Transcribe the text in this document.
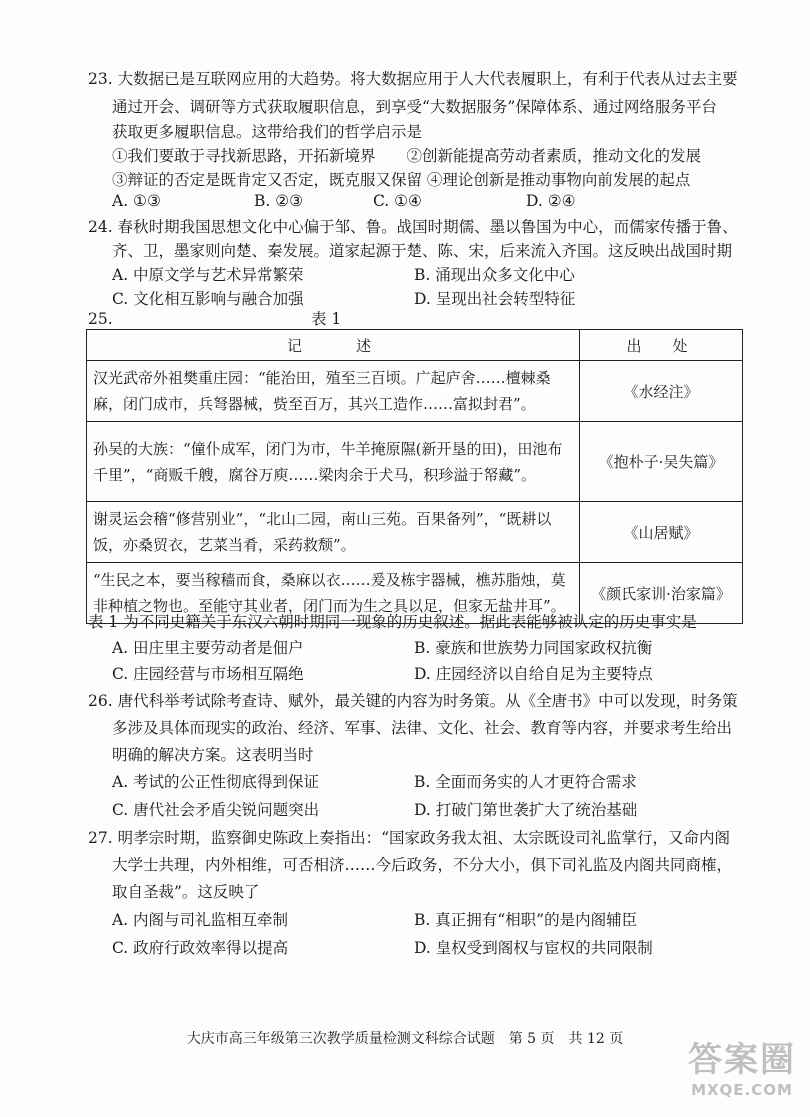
23. 大数据已是互联网应用的大趋势。将大数据应用于人大代表履职上，有利于代表从过去主要
通过开会、调研等方式获取履职信息，到享受“大数据服务”保障体系、通过网络服务平台
获取更多履职信息。这带给我们的哲学启示是
①我们要敢于寻找新思路，开拓新境界　　②创新能提高劳动者素质，推动文化的发展
③辩证的否定是既肯定又否定，既克服又保留 ④理论创新是推动事物向前发展的起点
A. ①③	B. ②③	C. ①④	D. ②④
24. 春秋时期我国思想文化中心偏于邹、鲁。战国时期儒、墨以鲁国为中心，而儒家传播于鲁、
齐、卫，墨家则向楚、秦发展。道家起源于楚、陈、宋，后来流入齐国。这反映出战国时期
A. 中原文学与艺术异常繁荣	B. 涌现出众多文化中心
C. 文化相互影响与融合加强	D. 呈现出社会转型特征
25.	表 1
记　　述	出　处
汉光武帝外祖樊重庄园：“能治田，殖至三百顷。广起庐舍……檀棘桑麻，闭门成市，兵弩器械，赀至百万，其兴工造作……富拟封君”。	《水经注》
孙吴的大族：“僮仆成军，闭门为市，牛羊掩原隰(新开垦的田)，田池布千里”，“商贩千艘，腐谷万庾……梁肉余于犬马，积珍溢于帑藏”。	《抱朴子·吴失篇》
谢灵运会稽“修营别业”，“北山二园，南山三苑。百果备列”，“既耕以饭，亦桑贸衣，艺菜当肴，采药救颓”。	《山居赋》
“生民之本，要当稼穑而食，桑麻以衣……爰及栋宇器械，樵苏脂烛，莫非种植之物也。至能守其业者，闭门而为生之具以足，但家无盐井耳”。	《颜氏家训·治家篇》
表 1 为不同史籍关于东汉六朝时期同一现象的历史叙述。据此表能够被认定的历史事实是
A. 田庄里主要劳动者是佃户	B. 豪族和世族势力同国家政权抗衡
C. 庄园经营与市场相互隔绝	D. 庄园经济以自给自足为主要特点
26. 唐代科举考试除考查诗、赋外，最关键的内容为时务策。从《全唐书》中可以发现，时务策
多涉及具体而现实的政治、经济、军事、法律、文化、社会、教育等内容，并要求考生给出
明确的解决方案。这表明当时
A. 考试的公正性彻底得到保证	B. 全面而务实的人才更符合需求
C. 唐代社会矛盾尖锐问题突出	D. 打破门第世袭扩大了统治基础
27. 明孝宗时期，监察御史陈政上奏指出：“国家政务我太祖、太宗既设司礼监掌行，又命内阁
大学士共理，内外相维，可否相济……今后政务，不分大小，俱下司礼监及内阁共同商榷，
取自圣裁”。这反映了
A. 内阁与司礼监相互牵制	B. 真正拥有“相职”的是内阁辅臣
C. 政府行政效率得以提高	D. 皇权受到阁权与宦权的共同限制
大庆市高三年级第三次教学质量检测文科综合试题　第 5 页　共 12 页
答案圈
MXQE.COM
